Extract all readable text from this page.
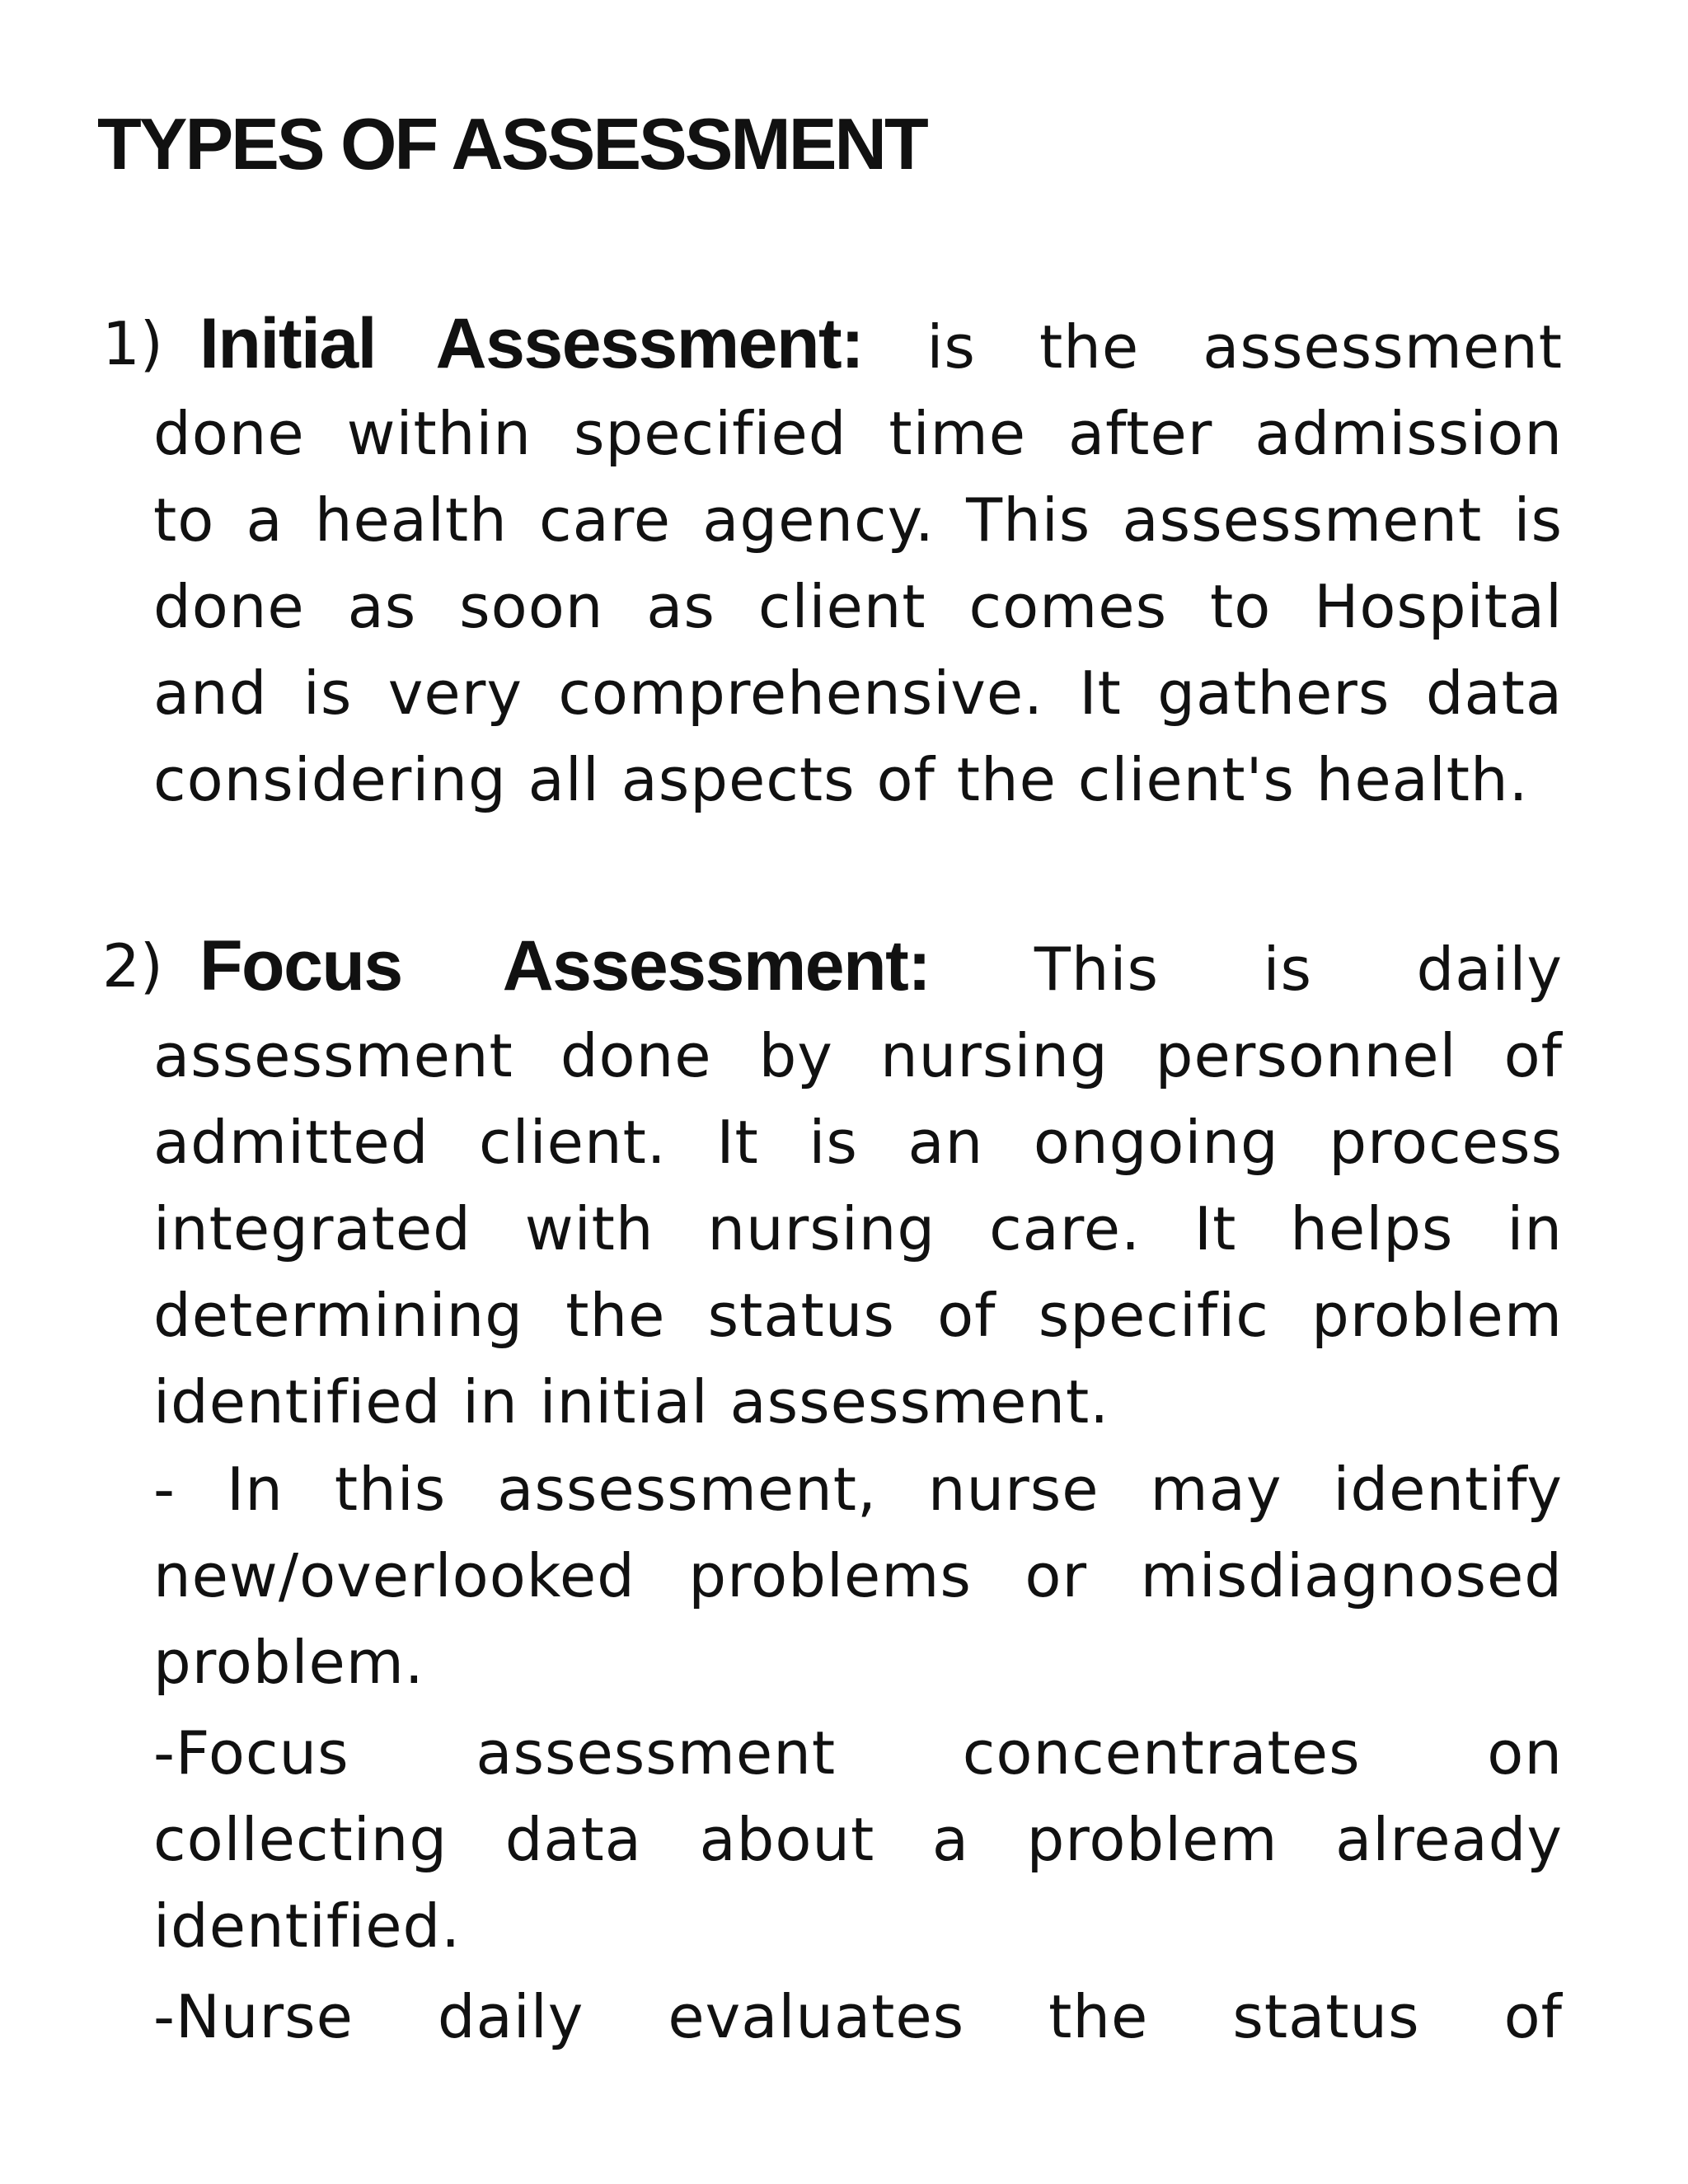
TYPES OF ASSESSMENT
1) Initial Assessment: is the assessment
done within specified time after admission
to a health care agency. This assessment is
done as soon as client comes to Hospital
and is very comprehensive. It gathers data
considering all aspects of the client's health.
2) Focus Assessment: This is daily
assessment done by nursing personnel of
admitted client. It is an ongoing process
integrated with nursing care. It helps in
determining the status of specific problem
identified in initial assessment.
- In this assessment, nurse may identify
new/overlooked problems or misdiagnosed
problem.
-Focus assessment concentrates on
collecting data about a problem already
identified.
-Nurse daily evaluates the status of
